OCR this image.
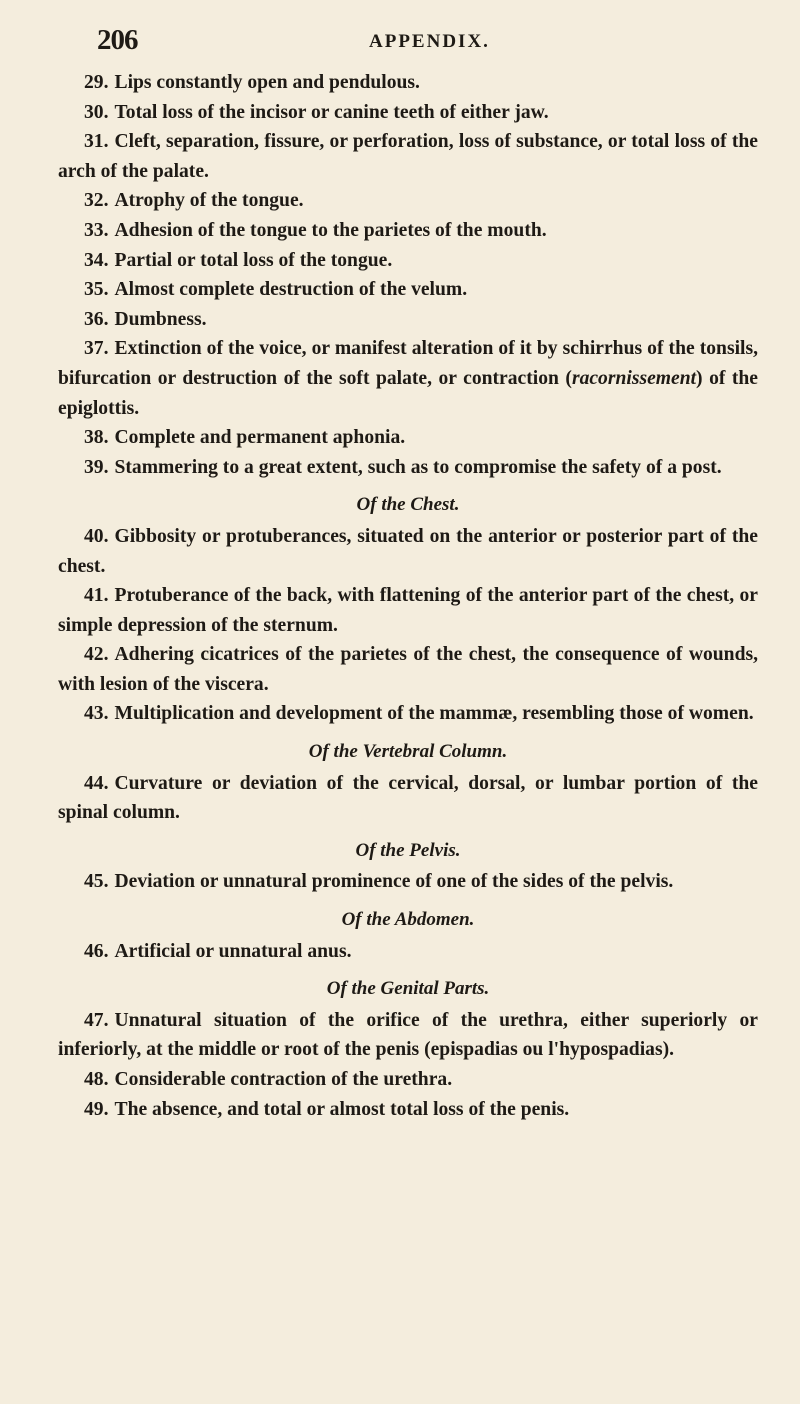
206	APPENDIX.

29. Lips constantly open and pendulous.

30. Total loss of the incisor or canine teeth of either jaw.

31. Cleft, separation, fissure, or perforation, loss of substance, or total loss of the arch of the palate.

32. Atrophy of the tongue.

33. Adhesion of the tongue to the parietes of the mouth.

34. Partial or total loss of the tongue.

35. Almost complete destruction of the velum.

36. Dumbness.

37. Extinction of the voice, or manifest alteration of it by schirrhus of the tonsils, bifurcation or destruction of the soft palate, or contraction (racornissement) of the epiglottis.

38. Complete and permanent aphonia.

39. Stammering to a great extent, such as to compromise the safety of a post.

Of the Chest.

40. Gibbosity or protuberances, situated on the anterior or posterior part of the chest.

41. Protuberance of the back, with flattening of the anterior part of the chest, or simple depression of the sternum.

42. Adhering cicatrices of the parietes of the chest, the consequence of wounds, with lesion of the viscera.

43. Multiplication and development of the mammæ, resembling those of women.

Of the Vertebral Column.

44. Curvature or deviation of the cervical, dorsal, or lumbar portion of the spinal column.

Of the Pelvis.

45. Deviation or unnatural prominence of one of the sides of the pelvis.

Of the Abdomen.

46. Artificial or unnatural anus.

Of the Genital Parts.

47. Unnatural situation of the orifice of the urethra, either superiorly or inferiorly, at the middle or root of the penis (epispadias ou l'hypospadias).

48. Considerable contraction of the urethra.

49. The absence, and total or almost total loss of the penis.
